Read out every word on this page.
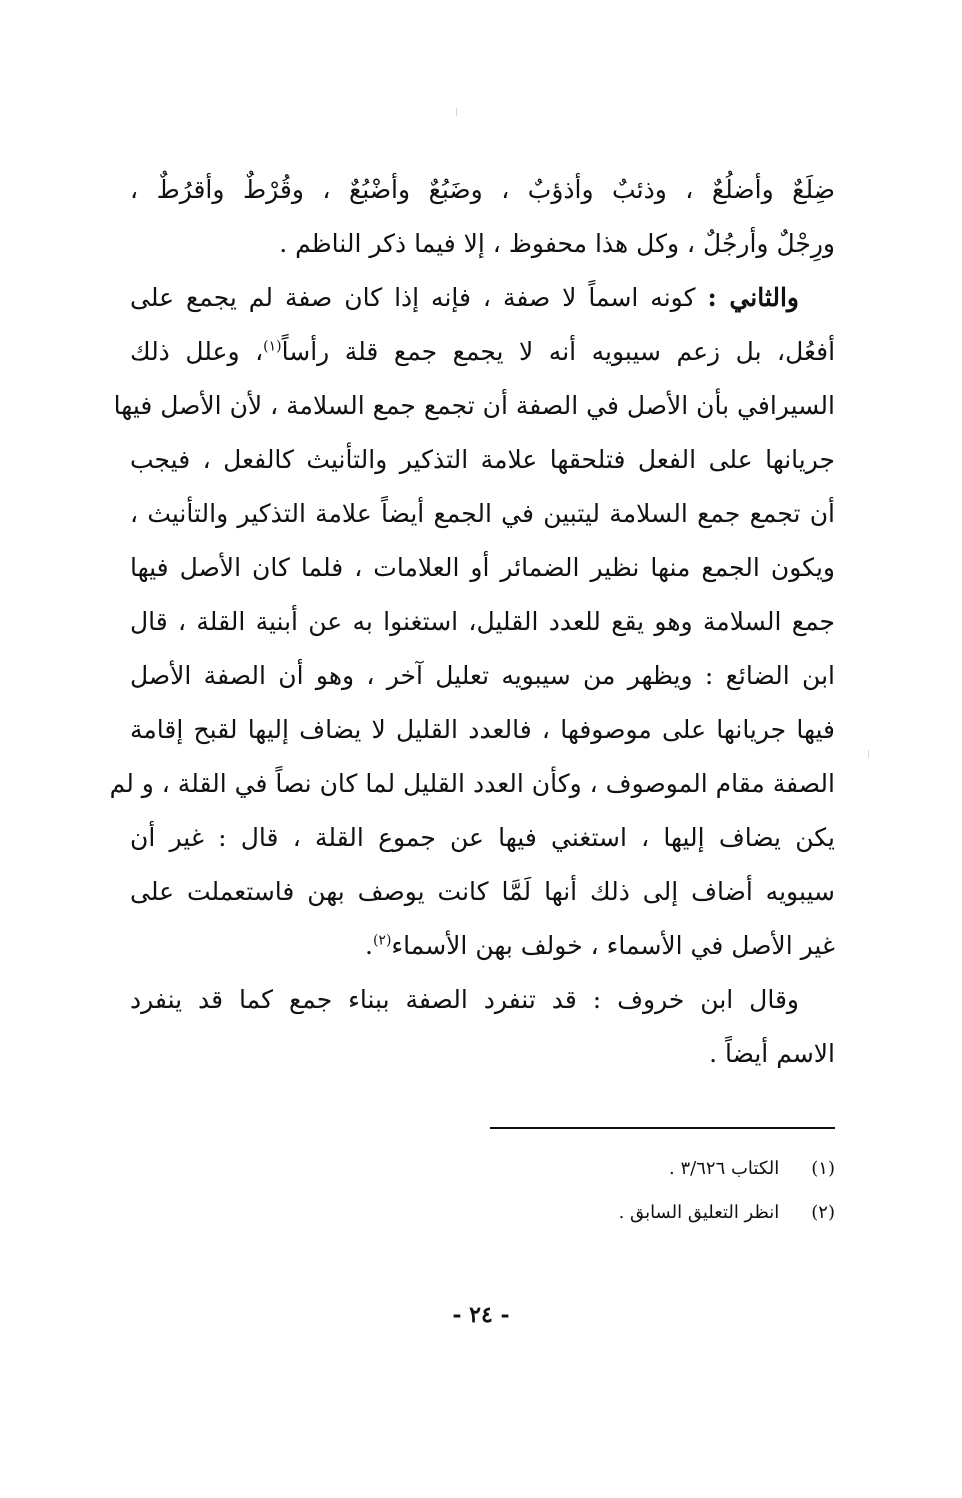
ضِلَعٌ وأضلُعٌ ، وذئبٌ وأذؤبٌ ، وضَبُعٌ وأضْبُعٌ ، وقُرْطٌ وأقرُطٌ ،
ورِجْلٌ وأرجُلٌ ، وكل هذا محفوظ ، إلا فيما ذكر الناظم .
والثاني : كونه اسماً لا صفة ، فإنه إذا كان صفة لم يجمع على
أفعُل، بل زعم سيبويه أنه لا يجمع جمع قلة رأساً$^{(١)}$، وعلل ذلك
السيرافي بأن الأصل في الصفة أن تجمع جمع السلامة ، لأن الأصل فيها
جريانها على الفعل فتلحقها علامة التذكير والتأنيث كالفعل ، فيجب
أن تجمع جمع السلامة ليتبين في الجمع أيضاً علامة التذكير والتأنيث ،
ويكون الجمع منها نظير الضمائر أو العلامات ، فلما كان الأصل فيها
جمع السلامة وهو يقع للعدد القليل، استغنوا به عن أبنية القلة ، قال
ابن الضائع : ويظهر من سيبويه تعليل آخر ، وهو أن الصفة الأصل
فيها جريانها على موصوفها ، فالعدد القليل لا يضاف إليها لقبح إقامة
الصفة مقام الموصوف ، وكأن العدد القليل لما كان نصاً في القلة ، و لم
يكن يضاف إليها ، استغني فيها عن جموع القلة ، قال : غير أن
سيبويه أضاف إلى ذلك أنها لَمَّا كانت يوصف بهن فاستعملت على
غير الأصل في الأسماء ، خولف بهن الأسماء$^{(٢)}$.
وقال ابن خروف : قد تنفرد الصفة ببناء جمع كما قد ينفرد
الاسم أيضاً .
(١) الكتاب ٣/٦٢٦ .
(٢) انظر التعليق السابق .
- ٢٤ -
